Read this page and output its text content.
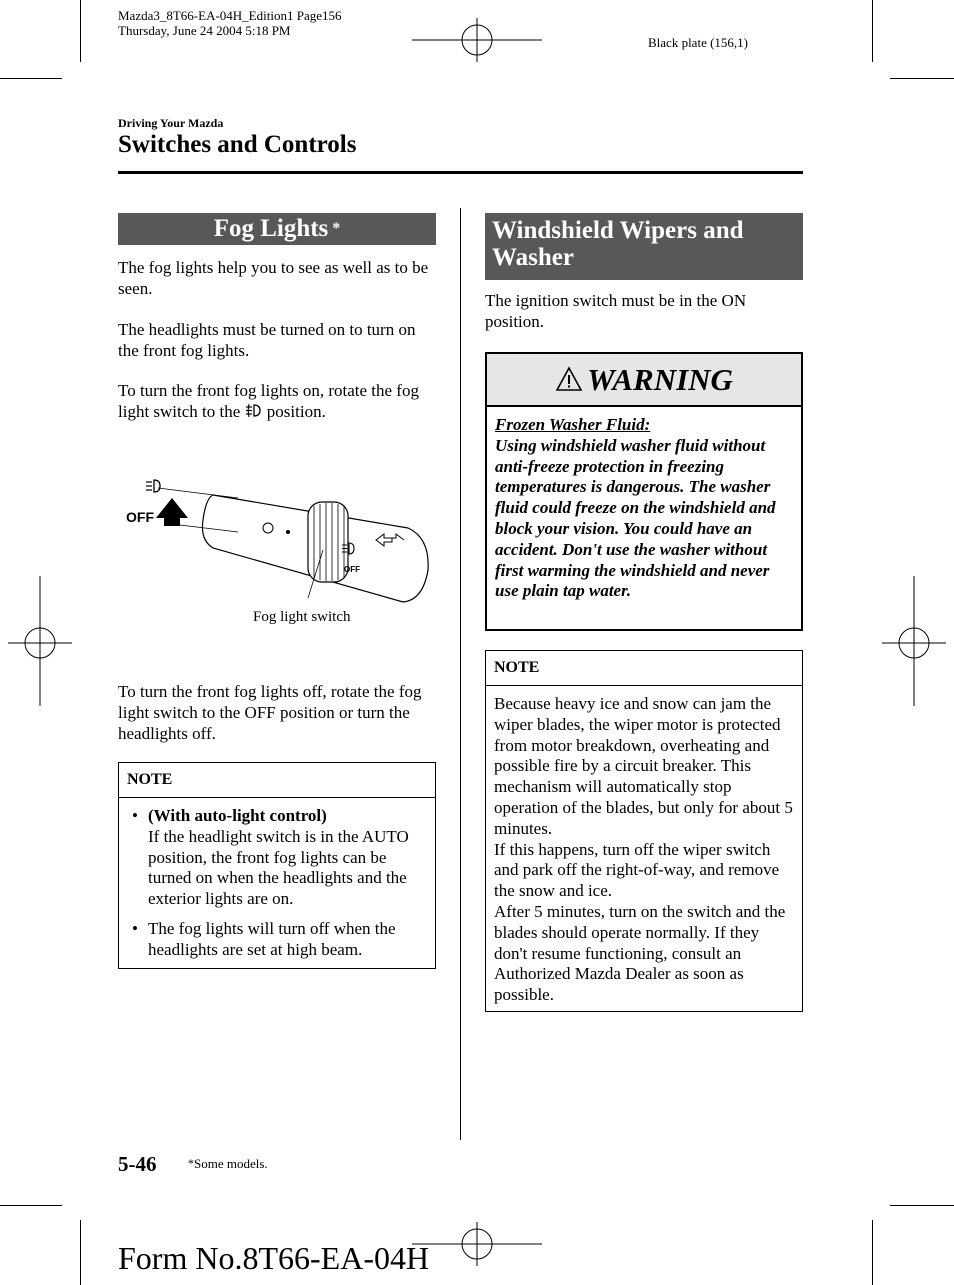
Mazda3_8T66-EA-04H_Edition1 Page156
Thursday, June 24 2004 5:18 PM
Black plate (156,1)
Driving Your Mazda
Switches and Controls
Fog Lights *

The fog lights help you to see as well as to be seen.

The headlights must be turned on to turn on the front fog lights.

To turn the front fog lights on, rotate the fog light switch to the position.

OFF
OFF
Fog light switch

To turn the front fog lights off, rotate the fog light switch to the OFF position or turn the headlights off.

NOTE
• (With auto-light control)
If the headlight switch is in the AUTO position, the front fog lights can be turned on when the headlights and the exterior lights are on.
• The fog lights will turn off when the headlights are set at high beam.
Windshield Wipers and
Washer

The ignition switch must be in the ON position.

WARNING
Frozen Washer Fluid:
Using windshield washer fluid without anti-freeze protection in freezing temperatures is dangerous. The washer fluid could freeze on the windshield and block your vision. You could have an accident. Don't use the washer without first warming the windshield and never use plain tap water.
NOTE
Because heavy ice and snow can jam the wiper blades, the wiper motor is protected from motor breakdown, overheating and possible fire by a circuit breaker. This mechanism will automatically stop operation of the blades, but only for about 5 minutes.
If this happens, turn off the wiper switch and park off the right-of-way, and remove the snow and ice.
After 5 minutes, turn on the switch and the blades should operate normally. If they don't resume functioning, consult an Authorized Mazda Dealer as soon as possible.
5-46	*Some models.
Form No.8T66-EA-04H
